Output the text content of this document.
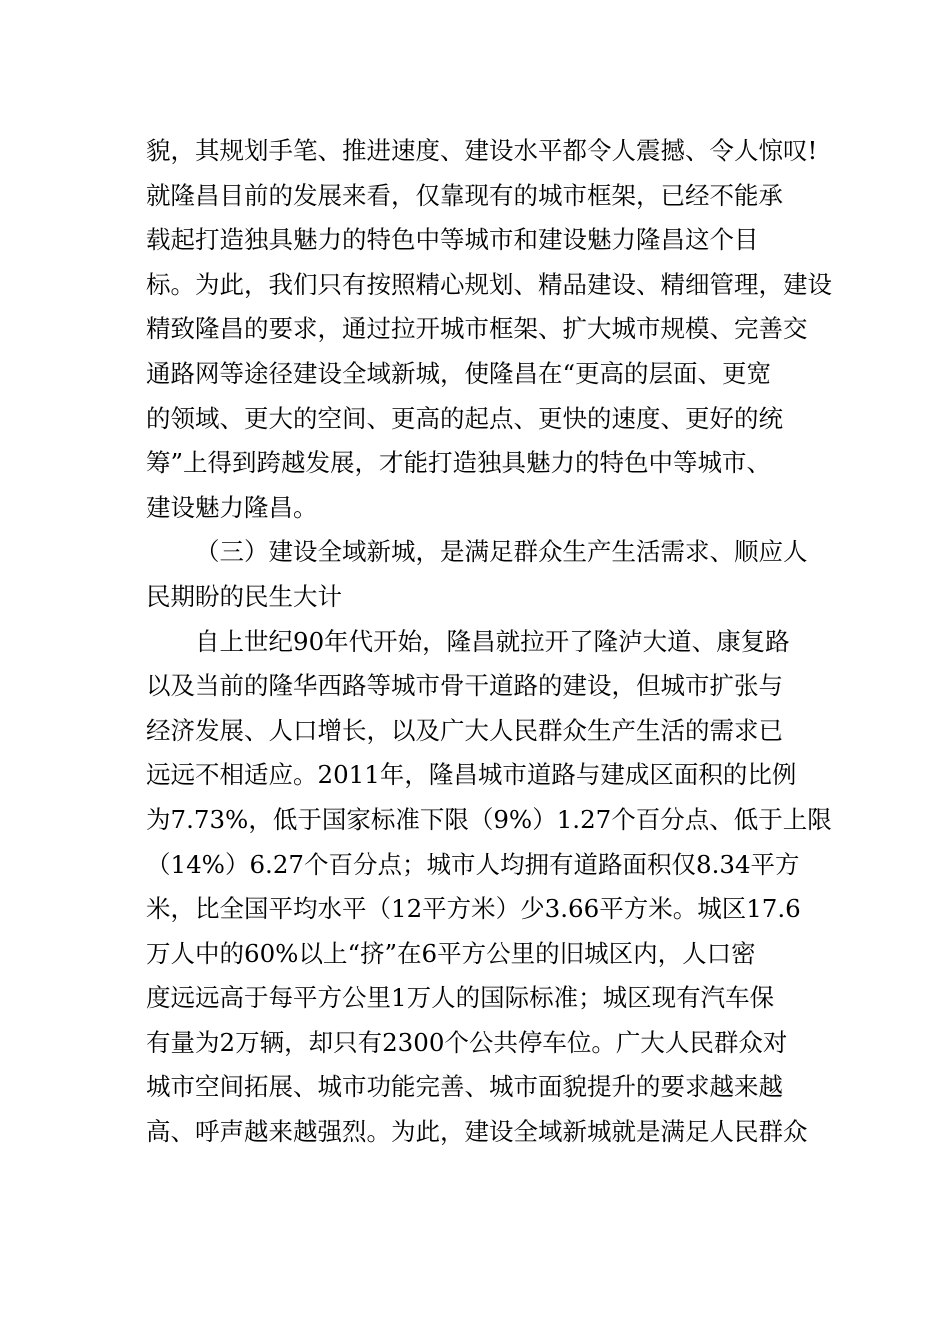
貌，其规划手笔、推进速度、建设水平都令人震撼、令人惊叹!
就隆昌目前的发展来看，仅靠现有的城市框架，已经不能承
载起打造独具魅力的特色中等城市和建设魅力隆昌这个目
标。为此，我们只有按照精心规划、精品建设、精细管理，建设
精致隆昌的要求，通过拉开城市框架、扩大城市规模、完善交
通路网等途径建设全域新城，使隆昌在“更高的层面、更宽
的领域、更大的空间、更高的起点、更快的速度、更好的统
筹”上得到跨越发展，才能打造独具魅力的特色中等城市、
建设魅力隆昌。
（三）建设全域新城，是满足群众生产生活需求、顺应人
民期盼的民生大计
自上世纪90年代开始，隆昌就拉开了隆泸大道、康复路
以及当前的隆华西路等城市骨干道路的建设，但城市扩张与
经济发展、人口增长，以及广大人民群众生产生活的需求已
远远不相适应。2011年，隆昌城市道路与建成区面积的比例
为7.73%，低于国家标准下限（9%）1.27个百分点、低于上限
（14%）6.27个百分点；城市人均拥有道路面积仅8.34平方
米，比全国平均水平（12平方米）少3.66平方米。城区17.6
万人中的60%以上“挤”在6平方公里的旧城区内，人口密
度远远高于每平方公里1万人的国际标准；城区现有汽车保
有量为2万辆，却只有2300个公共停车位。广大人民群众对
城市空间拓展、城市功能完善、城市面貌提升的要求越来越
高、呼声越来越强烈。为此，建设全域新城就是满足人民群众
